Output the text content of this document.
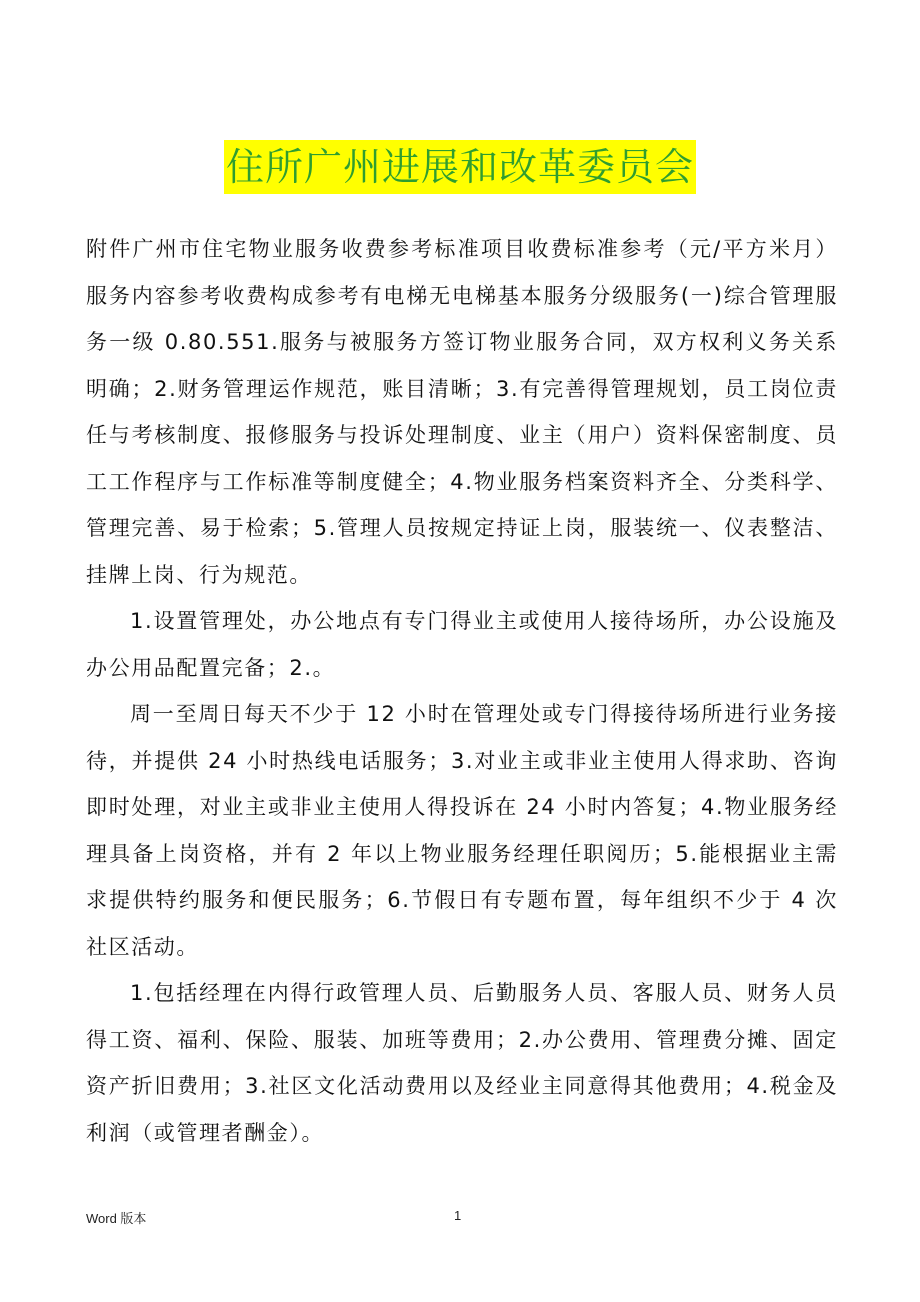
住所广州进展和改革委员会

附件广州市住宅物业服务收费参考标准项目收费标准参考（元/平方米月）服务内容参考收费构成参考有电梯无电梯基本服务分级服务(一)综合管理服务一级 0.80.551.服务与被服务方签订物业服务合同，双方权利义务关系明确；2.财务管理运作规范，账目清晰；3.有完善得管理规划，员工岗位责任与考核制度、报修服务与投诉处理制度、业主（用户）资料保密制度、员工工作程序与工作标准等制度健全；4.物业服务档案资料齐全、分类科学、管理完善、易于检索；5.管理人员按规定持证上岗，服装统一、仪表整洁、挂牌上岗、行为规范。

1.设置管理处，办公地点有专门得业主或使用人接待场所，办公设施及办公用品配置完备；2.。

周一至周日每天不少于 12 小时在管理处或专门得接待场所进行业务接待，并提供 24 小时热线电话服务；3.对业主或非业主使用人得求助、咨询即时处理，对业主或非业主使用人得投诉在 24 小时内答复；4.物业服务经理具备上岗资格，并有 2 年以上物业服务经理任职阅历；5.能根据业主需求提供特约服务和便民服务；6.节假日有专题布置，每年组织不少于 4 次社区活动。

1.包括经理在内得行政管理人员、后勤服务人员、客服人员、财务人员得工资、福利、保险、服装、加班等费用；2.办公费用、管理费分摊、固定资产折旧费用；3.社区文化活动费用以及经业主同意得其他费用；4.税金及利润（或管理者酬金）。

Word 版本	1
